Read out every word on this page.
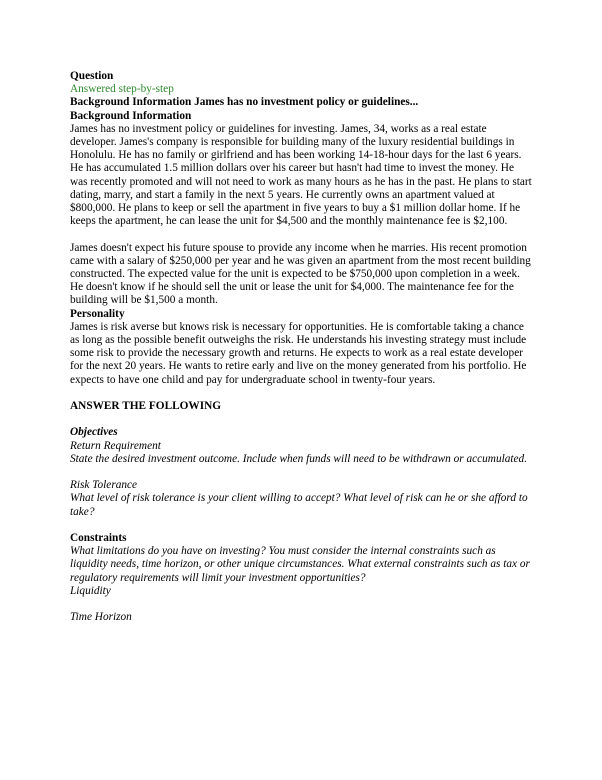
Question

Answered step-by-step

Background Information James has no investment policy or guidelines...

Background Information

James has no investment policy or guidelines for investing. James, 34, works as a real estate developer. James's company is responsible for building many of the luxury residential buildings in Honolulu. He has no family or girlfriend and has been working 14-18-hour days for the last 6 years. He has accumulated 1.5 million dollars over his career but hasn't had time to invest the money. He was recently promoted and will not need to work as many hours as he has in the past. He plans to start dating, marry, and start a family in the next 5 years. He currently owns an apartment valued at $800,000. He plans to keep or sell the apartment in five years to buy a $1 million dollar home. If he keeps the apartment, he can lease the unit for $4,500 and the monthly maintenance fee is $2,100.

James doesn't expect his future spouse to provide any income when he marries. His recent promotion came with a salary of $250,000 per year and he was given an apartment from the most recent building constructed. The expected value for the unit is expected to be $750,000 upon completion in a week. He doesn't know if he should sell the unit or lease the unit for $4,000. The maintenance fee for the building will be $1,500 a month.

Personality

James is risk averse but knows risk is necessary for opportunities. He is comfortable taking a chance as long as the possible benefit outweighs the risk. He understands his investing strategy must include some risk to provide the necessary growth and returns. He expects to work as a real estate developer for the next 20 years. He wants to retire early and live on the money generated from his portfolio. He expects to have one child and pay for undergraduate school in twenty-four years.

ANSWER THE FOLLOWING

Objectives

Return Requirement

State the desired investment outcome. Include when funds will need to be withdrawn or accumulated.

Risk Tolerance

What level of risk tolerance is your client willing to accept? What level of risk can he or she afford to take?

Constraints

What limitations do you have on investing? You must consider the internal constraints such as liquidity needs, time horizon, or other unique circumstances. What external constraints such as tax or regulatory requirements will limit your investment opportunities?

Liquidity

Time Horizon
